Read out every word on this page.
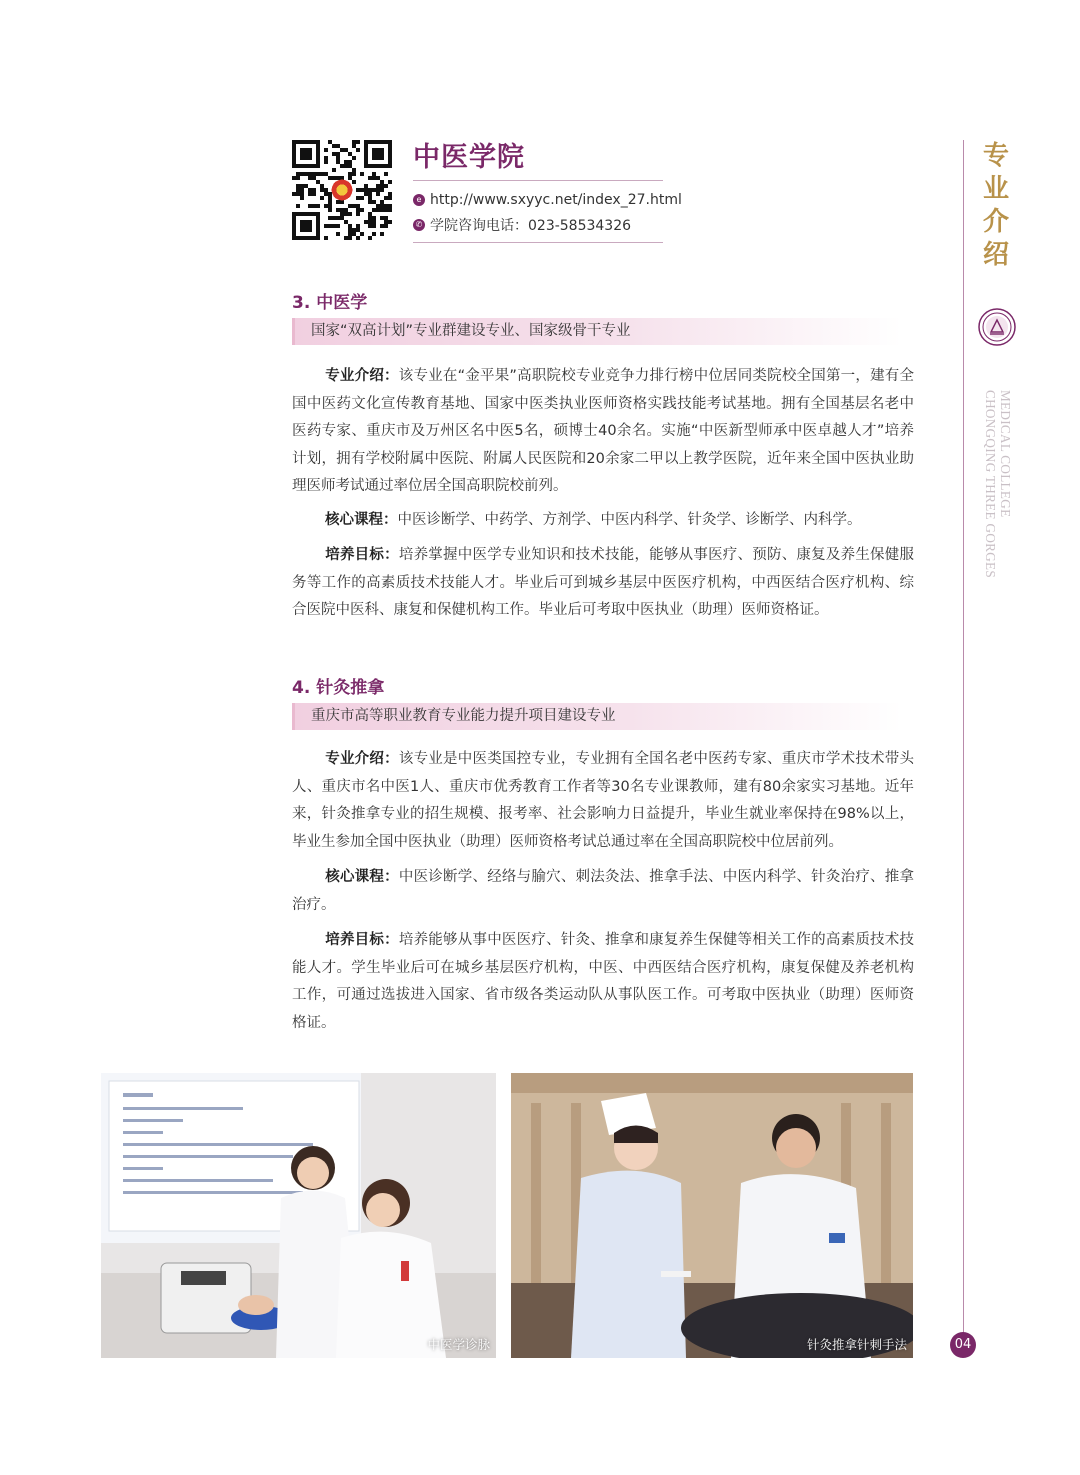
中医学院
e http://www.sxyyc.net/index_27.html
✆ 学院咨询电话：023-58534326
专
业
介
绍
CHONGQING THREE GORGES MEDICAL COLLEGE
04
3. 中医学
国家“双高计划”专业群建设专业、国家级骨干专业
专业介绍：该专业在“金平果”高职院校专业竞争力排行榜中位居同类院校全国第一，建有全国中医药文化宣传教育基地、国家中医类执业医师资格实践技能考试基地。拥有全国基层名老中医药专家、重庆市及万州区名中医5名，硕博士40余名。实施“中医新型师承中医卓越人才”培养计划，拥有学校附属中医院、附属人民医院和20余家二甲以上教学医院，近年来全国中医执业助理医师考试通过率位居全国高职院校前列。
核心课程：中医诊断学、中药学、方剂学、中医内科学、针灸学、诊断学、内科学。
培养目标：培养掌握中医学专业知识和技术技能，能够从事医疗、预防、康复及养生保健服务等工作的高素质技术技能人才。毕业后可到城乡基层中医医疗机构，中西医结合医疗机构、综合医院中医科、康复和保健机构工作。毕业后可考取中医执业（助理）医师资格证。
4. 针灸推拿
重庆市高等职业教育专业能力提升项目建设专业
专业介绍：该专业是中医类国控专业，专业拥有全国名老中医药专家、重庆市学术技术带头人、重庆市名中医1人、重庆市优秀教育工作者等30名专业课教师，建有80余家实习基地。近年来，针灸推拿专业的招生规模、报考率、社会影响力日益提升，毕业生就业率保持在98%以上，毕业生参加全国中医执业（助理）医师资格考试总通过率在全国高职院校中位居前列。
核心课程：中医诊断学、经络与腧穴、刺法灸法、推拿手法、中医内科学、针灸治疗、推拿治疗。
培养目标：培养能够从事中医医疗、针灸、推拿和康复养生保健等相关工作的高素质技术技能人才。学生毕业后可在城乡基层医疗机构，中医、中西医结合医疗机构，康复保健及养老机构工作，可通过选拔进入国家、省市级各类运动队从事队医工作。可考取中医执业（助理）医师资格证。
中医学诊脉	针灸推拿针刺手法
